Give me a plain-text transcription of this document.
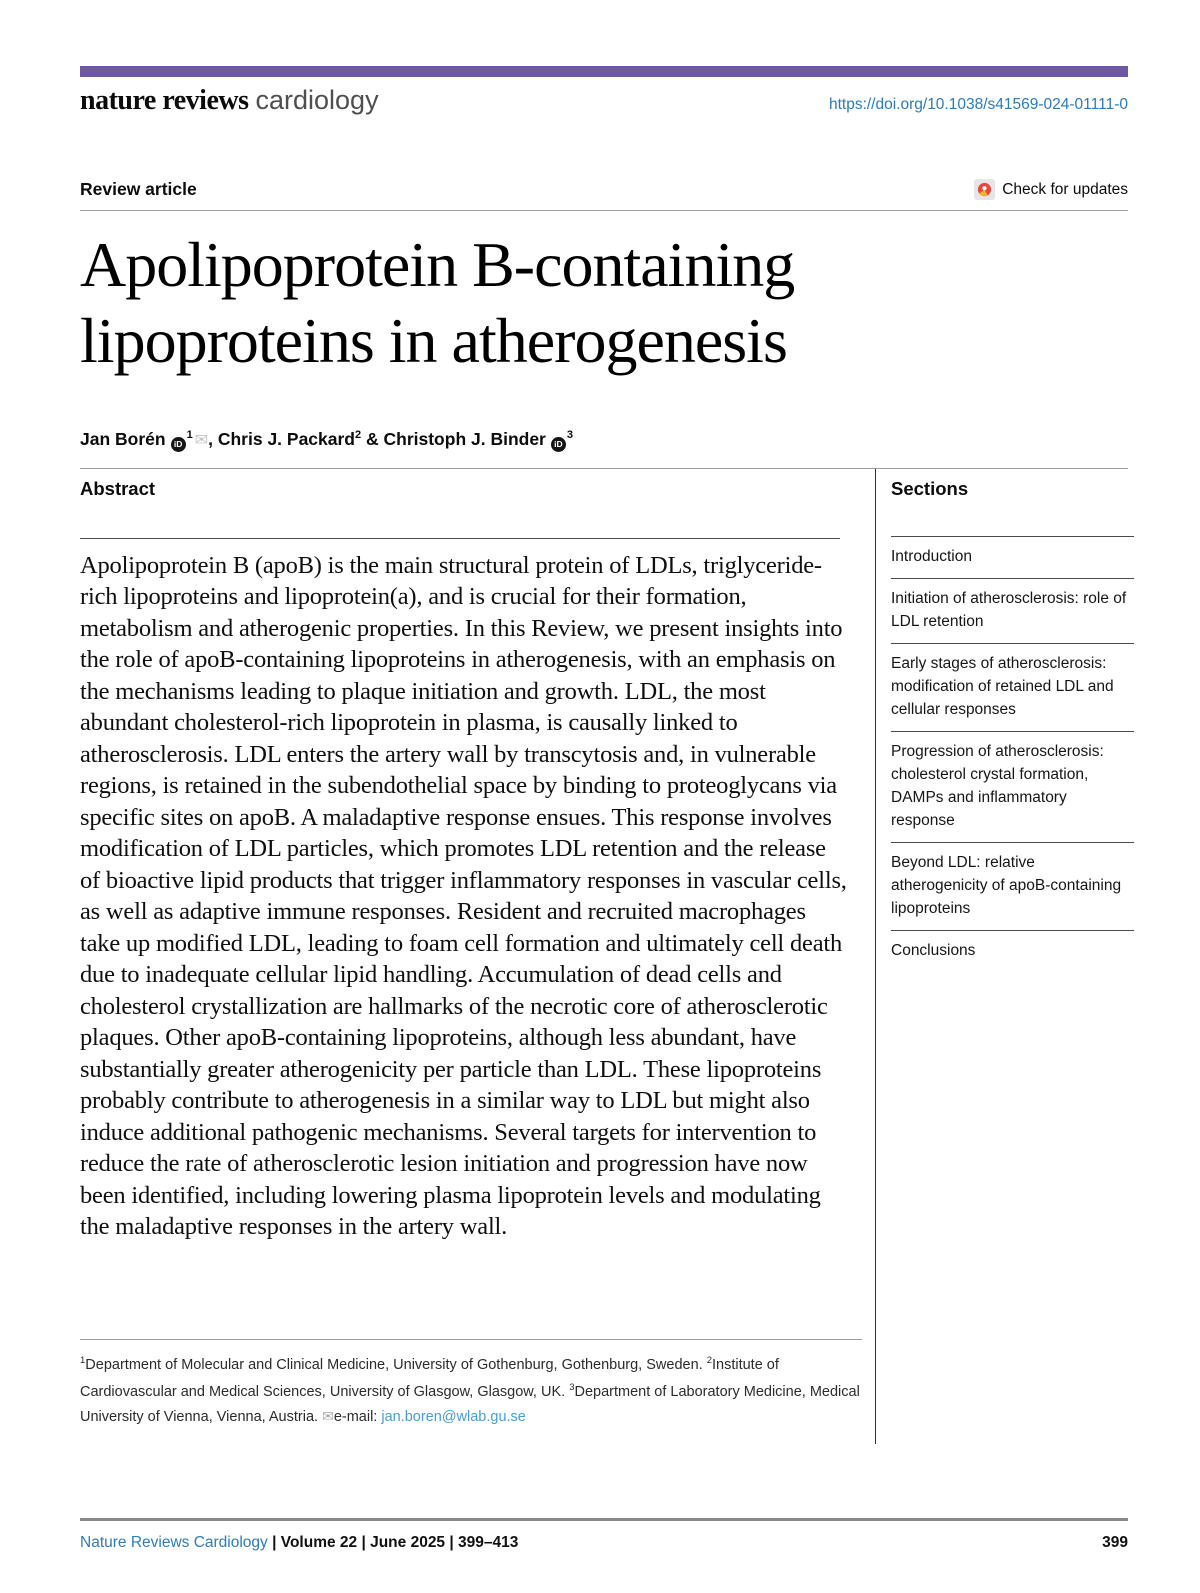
nature reviews cardiology	https://doi.org/10.1038/s41569-024-01111-0
Review article	Check for updates
Apolipoprotein B-containing lipoproteins in atherogenesis
Jan Borén $iD^1$ ✉, Chris J. Packard$^2$ & Christoph J. Binder $iD^3$
Abstract

Apolipoprotein B (apoB) is the main structural protein of LDLs, triglyceride-rich lipoproteins and lipoprotein(a), and is crucial for their formation, metabolism and atherogenic properties. In this Review, we present insights into the role of apoB-containing lipoproteins in atherogenesis, with an emphasis on the mechanisms leading to plaque initiation and growth. LDL, the most abundant cholesterol-rich lipoprotein in plasma, is causally linked to atherosclerosis. LDL enters the artery wall by transcytosis and, in vulnerable regions, is retained in the subendothelial space by binding to proteoglycans via specific sites on apoB. A maladaptive response ensues. This response involves modification of LDL particles, which promotes LDL retention and the release of bioactive lipid products that trigger inflammatory responses in vascular cells, as well as adaptive immune responses. Resident and recruited macrophages take up modified LDL, leading to foam cell formation and ultimately cell death due to inadequate cellular lipid handling. Accumulation of dead cells and cholesterol crystallization are hallmarks of the necrotic core of atherosclerotic plaques. Other apoB-containing lipoproteins, although less abundant, have substantially greater atherogenicity per particle than LDL. These lipoproteins probably contribute to atherogenesis in a similar way to LDL but might also induce additional pathogenic mechanisms. Several targets for intervention to reduce the rate of atherosclerotic lesion initiation and progression have now been identified, including lowering plasma lipoprotein levels and modulating the maladaptive responses in the artery wall.

$^1$Department of Molecular and Clinical Medicine, University of Gothenburg, Gothenburg, Sweden. $^2$Institute of Cardiovascular and Medical Sciences, University of Glasgow, Glasgow, UK. $^3$Department of Laboratory Medicine, Medical University of Vienna, Vienna, Austria. ✉e-mail: jan.boren@wlab.gu.se

Sections
Introduction
Initiation of atherosclerosis: role of LDL retention
Early stages of atherosclerosis: modification of retained LDL and cellular responses
Progression of atherosclerosis: cholesterol crystal formation, DAMPs and inflammatory response
Beyond LDL: relative atherogenicity of apoB-containing lipoproteins
Conclusions
Nature Reviews Cardiology | Volume 22 | June 2025 | 399–413	399
